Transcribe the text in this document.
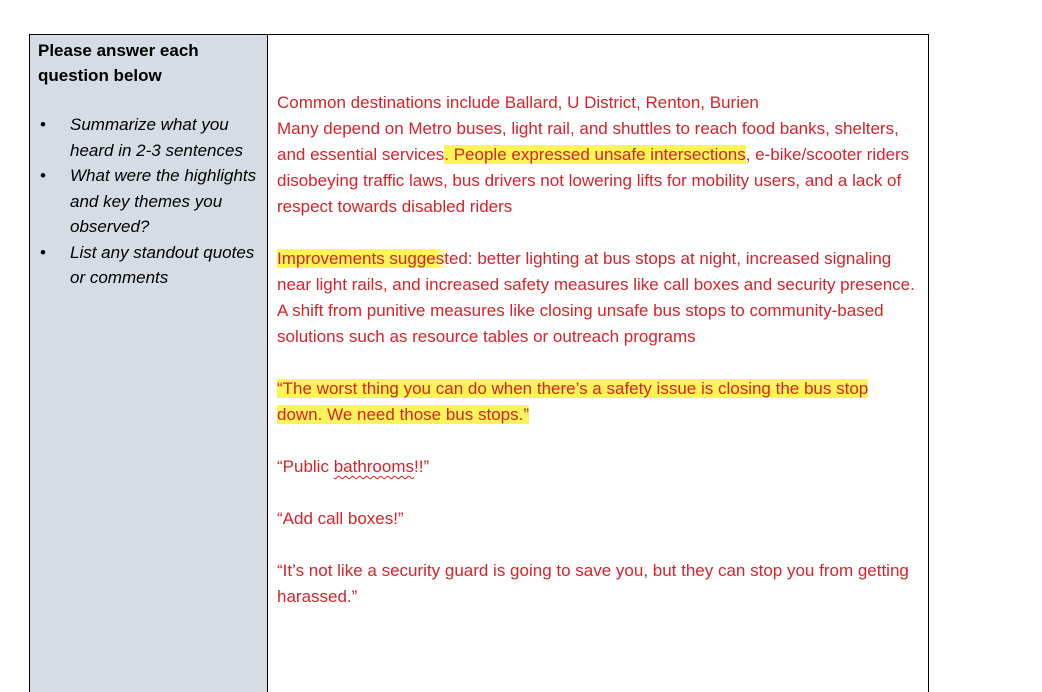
Please answer each question below

• Summarize what you heard in 2-3 sentences
• What were the highlights and key themes you observed?
• List any standout quotes or comments
Common destinations include Ballard, U District, Renton, Burien
Many depend on Metro buses, light rail, and shuttles to reach food banks, shelters, and essential services. People expressed unsafe intersections, e-bike/scooter riders disobeying traffic laws, bus drivers not lowering lifts for mobility users, and a lack of respect towards disabled riders
Improvements suggested: better lighting at bus stops at night, increased signaling near light rails, and increased safety measures like call boxes and security presence. A shift from punitive measures like closing unsafe bus stops to community-based solutions such as resource tables or outreach programs
“The worst thing you can do when there’s a safety issue is closing the bus stop down. We need those bus stops.”
“Public bathrooms!!”
“Add call boxes!”
“It’s not like a security guard is going to save you, but they can stop you from getting harassed.”
